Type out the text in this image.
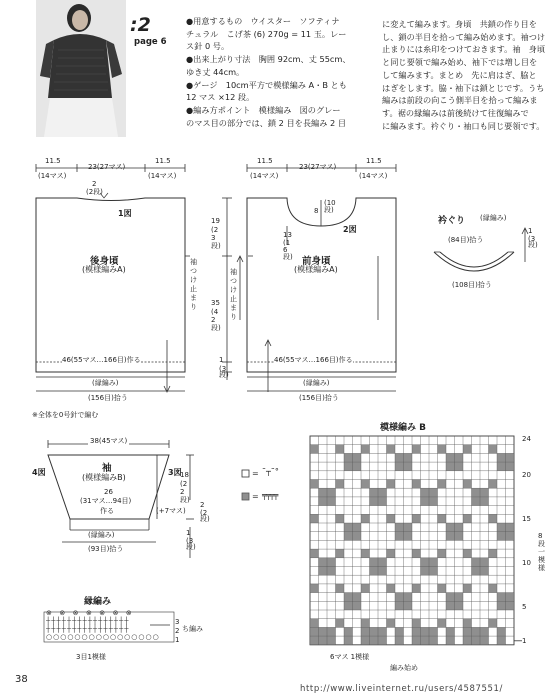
:2
page 6

●用意するもの　ウイスター　ソフティナ

チュラル　こげ茶 (6) 270g = 11 玉。レー

ス針 0 号。

●出来上がり寸法　胸囲 92cm、丈 55cm、

ゆき丈 44cm。

●ゲージ　10cm平方で模様編み A・B とも

12 マス ×12 段。

●編み方ポイント　模様編み　図のグレー

のマス目の部分では、鎖 2 目を長編み 2 目

に変えて編みます。身頃　共鎖の作り目を

し、鎖の半目を拾って編み始めます。袖つけ

止まりには糸印をつけておきます。袖　身頃

と同じ要領で編み始め、袖下では増し目を

して編みます。まとめ　先に肩はぎ、脇と

はぎをします。脇・袖下は鎖とじです。うち

編みは前段の向こう側半目を拾って編みま

す。裾の縁編みは前後続けて往復編みで

に編みます。衿ぐり・袖口も同じ要領です。

11.5
(14マス)
23(27マス)
11.5
(14マス)
2
(2段)
1図
後身頃
(模様編みA)
46(55マス…166目)作る
(縁編み)
(156目)拾う
袖つけ止まり
※全体を0号針で編む
19
(23段)
35
(42段)
1
(3段)
11.5
(14マス)
23(27マス)
11.5
(14マス)
8
(10段)
13
(16段)
2図
前身頃
(模様編みA)
46(55マス…166目)作る
(縁編み)
(156目)拾う
袖つけ止まり
衿ぐり (縁編み)
(84目)拾う
(108目)拾う
1
(3段)
38(45マス)
4図	3図
袖
(模様編みB)
26
(31マス…94目)
作る
(縁編み)
(93目)拾う
18
(22段)
(+7マス)
2
(2段)
1
(3段)
= ˜┬˜°
= ╤╤╤╤
縁編み
⊗  ⊗  ⊗  ⊗  ⊗  ⊗  ⊗
┼┼┼┼┼┼┼┼┼┼┼┼┼┼┼┼
┼┼┼┼┼┼┼┼┼┼┼┼┼┼┼┼
○○○○○○○○○○○○○○○○
3
2
1
ち編み
3目1模様
模様編み B
24
20
15
10
5
1
8段一模様
6マス 1模様
編み始め
38
http://www.liveinternet.ru/users/4587551/
